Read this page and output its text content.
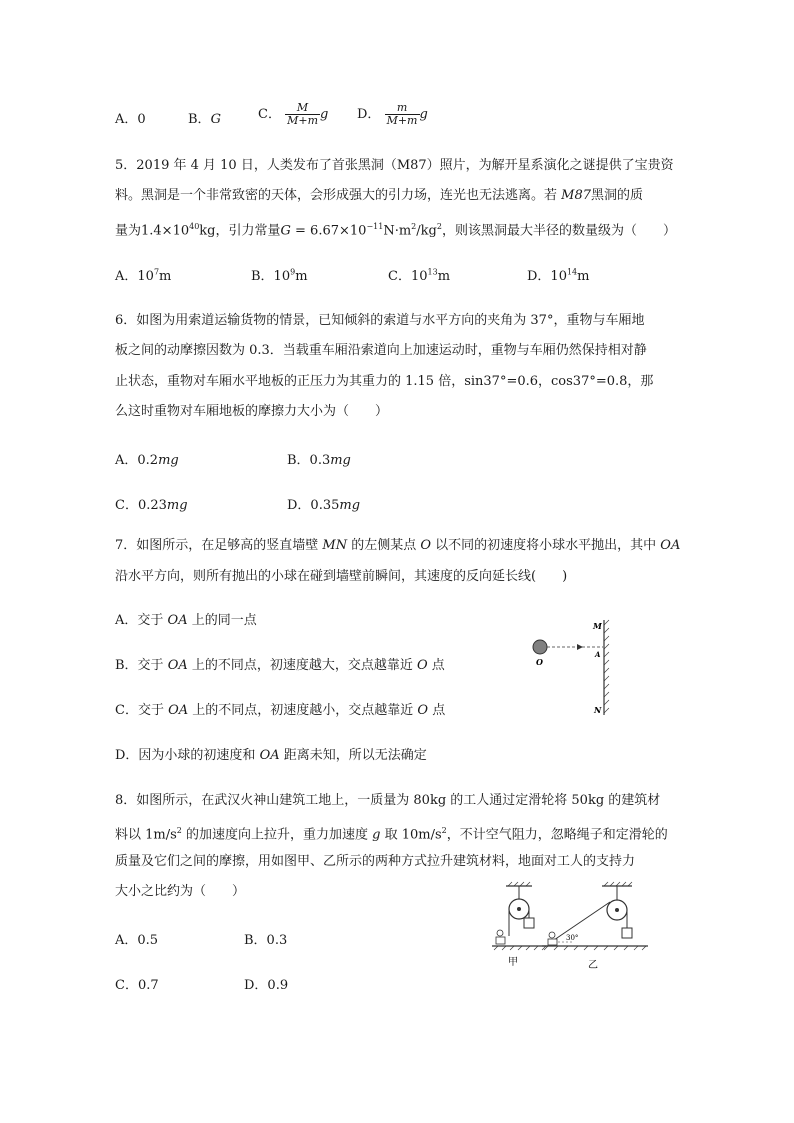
A．0	B．G	C． $\frac{M}{M+m}$ g D． $\frac{m}{M+m}$ g
5．2019 年 4 月 10 日，人类发布了首张黑洞（M87）照片，为解开星系演化之谜提供了宝贵资
料。黑洞是一个非常致密的天体，会形成强大的引力场，连光也无法逃离。若 M87黑洞的质
量为$1.4\times 10^{40}kg$，引力常量$G = 6.67\times 10^{-11}N\cdot m^2/kg^2$，则该黑洞最大半径的数量级为（　　）
A．$10^7m$	B．$10^9m$	C．$10^{13}m$	D．$10^{14}m$
6．如图为用索道运输货物的情景，已知倾斜的索道与水平方向的夹角为 37°，重物与车厢地
板之间的动摩擦因数为 0.3．当载重车厢沿索道向上加速运动时，重物与车厢仍然保持相对静
止状态，重物对车厢水平地板的正压力为其重力的 1.15 倍，sin37°=0.6，cos37°=0.8，那
么这时重物对车厢地板的摩擦力大小为（　　）
A．0.2mg	B．0.3mg
C．0.23mg	D．0.35mg
7．如图所示，在足够高的竖直墙壁 MN 的左侧某点 O 以不同的初速度将小球水平抛出，其中 OA
沿水平方向，则所有抛出的小球在碰到墙壁前瞬间，其速度的反向延长线(　　)
A．交于 OA 上的同一点
B．交于 OA 上的不同点，初速度越大，交点越靠近 O 点
C．交于 OA 上的不同点，初速度越小，交点越靠近 O 点
D．因为小球的初速度和 OA 距离未知，所以无法确定
O
M
A
N
8．如图所示，在武汉火神山建筑工地上，一质量为 80kg 的工人通过定滑轮将 50kg 的建筑材
料以 $1m/s^2$ 的加速度向上拉升，重力加速度 g 取 $10m/s^2$，不计空气阻力，忽略绳子和定滑轮的
质量及它们之间的摩擦，用如图甲、乙所示的两种方式拉升建筑材料，地面对工人的支持力
大小之比约为（　　）
A．0.5	B．0.3
C．0.7	D．0.9
甲
30°
乙
